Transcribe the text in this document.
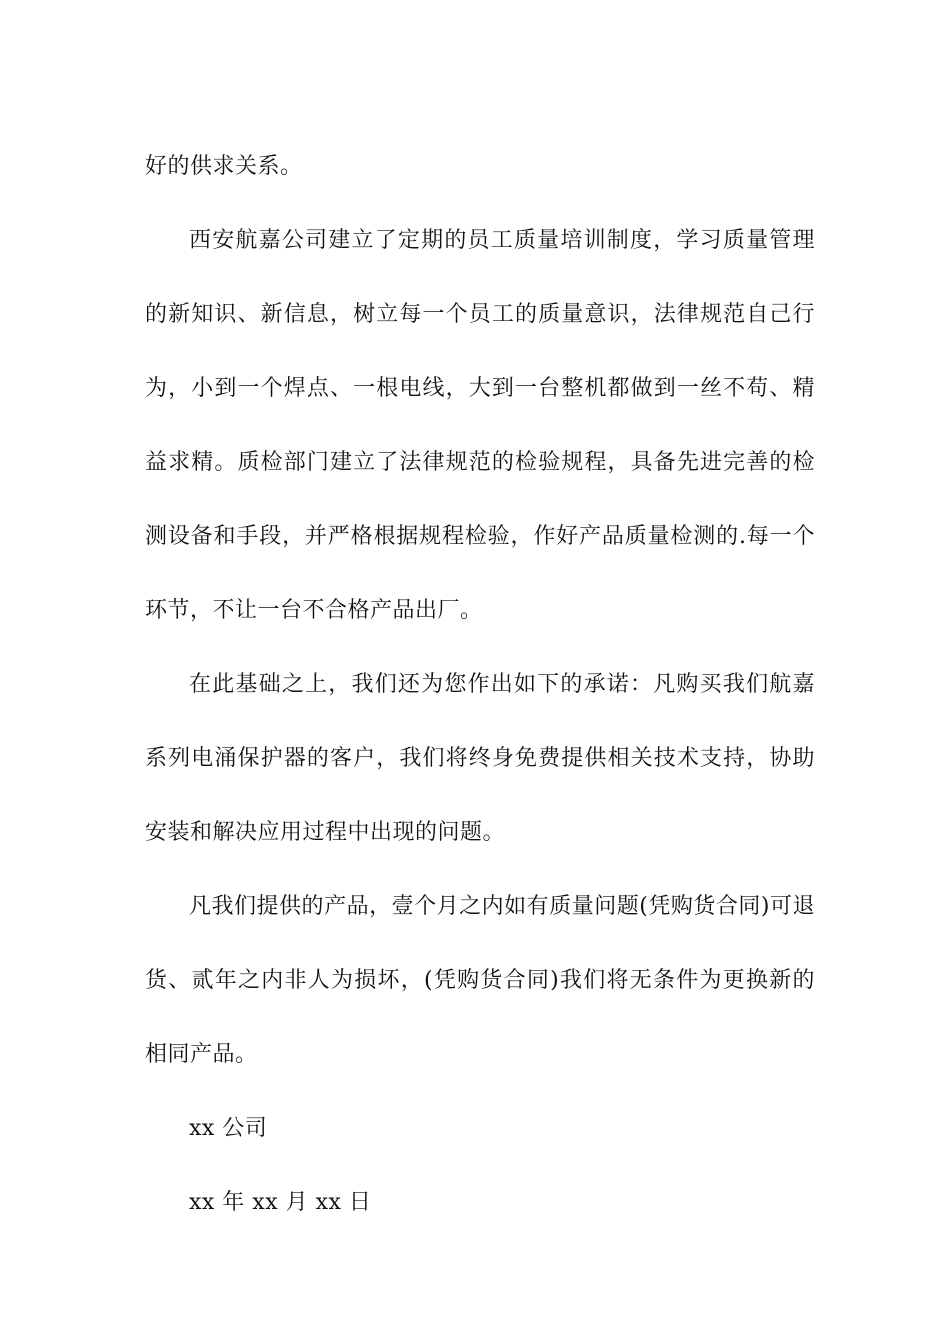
好的供求关系。

西安航嘉公司建立了定期的员工质量培训制度，学习质量管理的新知识、新信息，树立每一个员工的质量意识，法律规范自己行为，小到一个焊点、一根电线，大到一台整机都做到一丝不苟、精益求精。质检部门建立了法律规范的检验规程，具备先进完善的检测设备和手段，并严格根据规程检验，作好产品质量检测的.每一个环节，不让一台不合格产品出厂。

在此基础之上，我们还为您作出如下的承诺：凡购买我们航嘉系列电涌保护器的客户，我们将终身免费提供相关技术支持，协助安装和解决应用过程中出现的问题。

凡我们提供的产品，壹个月之内如有质量问题(凭购货合同)可退货、贰年之内非人为损坏，(凭购货合同)我们将无条件为更换新的相同产品。

xx 公司

xx 年 xx 月 xx 日
